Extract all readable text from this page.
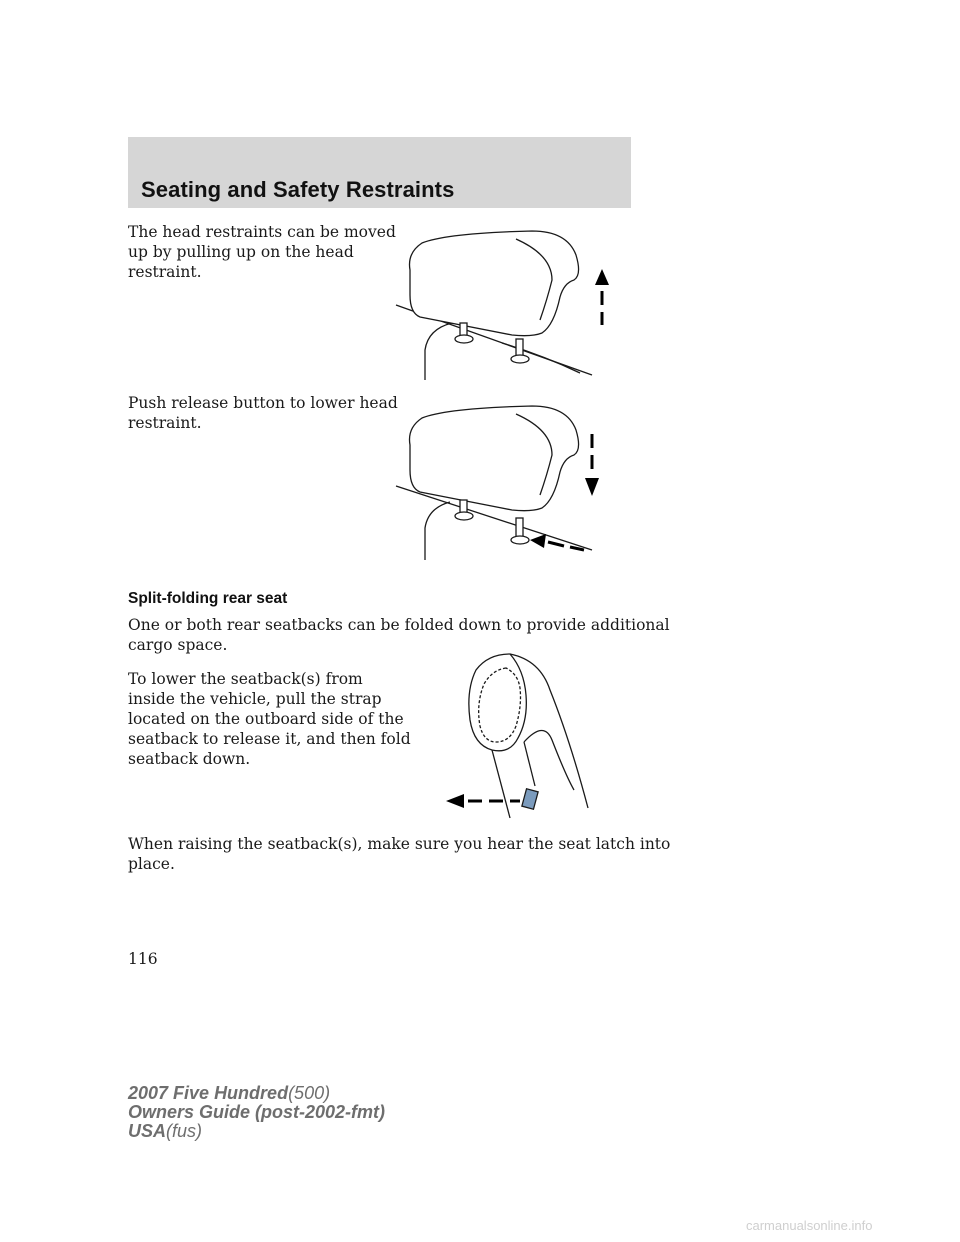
Seating and Safety Restraints
The head restraints can be moved
up by pulling up on the head
restraint.
Push release button to lower head
restraint.
Split-folding rear seat
One or both rear seatbacks can be folded down to provide additional
cargo space.
To lower the seatback(s) from
inside the vehicle, pull the strap
located on the outboard side of the
seatback to release it, and then fold
seatback down.
When raising the seatback(s), make sure you hear the seat latch into
place.
116
2007 Five Hundred(500)
Owners Guide (post-2002-fmt)
USA(fus)
carmanualsonline.info
